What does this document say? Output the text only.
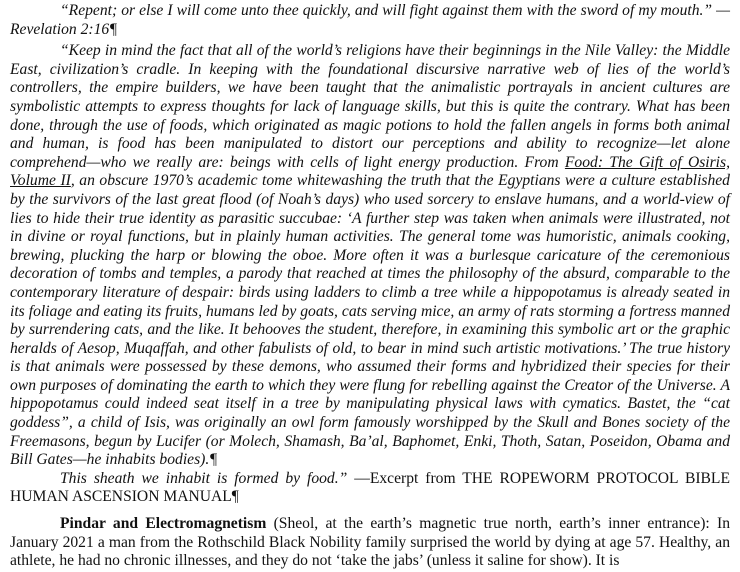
“Repent; or else I will come unto thee quickly, and will fight against them with the sword of my mouth.” —Revelation 2:16¶

“Keep in mind the fact that all of the world’s religions have their beginnings in the Nile Valley: the Middle East, civilization’s cradle. In keeping with the foundational discursive narrative web of lies of the world’s controllers, the empire builders, we have been taught that the animalistic portrayals in ancient cultures are symbolistic attempts to express thoughts for lack of language skills, but this is quite the contrary. What has been done, through the use of foods, which originated as magic potions to hold the fallen angels in forms both animal and human, is food has been manipulated to distort our perceptions and ability to recognize—let alone comprehend—who we really are: beings with cells of light energy production. From Food: The Gift of Osiris, Volume II, an obscure 1970’s academic tome whitewashing the truth that the Egyptians were a culture established by the survivors of the last great flood (of Noah’s days) who used sorcery to enslave humans, and a world-view of lies to hide their true identity as parasitic succubae: ‘A further step was taken when animals were illustrated, not in divine or royal functions, but in plainly human activities. The general tome was humoristic, animals cooking, brewing, plucking the harp or blowing the oboe. More often it was a burlesque caricature of the ceremonious decoration of tombs and temples, a parody that reached at times the philosophy of the absurd, comparable to the contemporary literature of despair: birds using ladders to climb a tree while a hippopotamus is already seated in its foliage and eating its fruits, humans led by goats, cats serving mice, an army of rats storming a fortress manned by surrendering cats, and the like. It behooves the student, therefore, in examining this symbolic art or the graphic heralds of Aesop, Muqaffah, and other fabulists of old, to bear in mind such artistic motivations.’ The true history is that animals were possessed by these demons, who assumed their forms and hybridized their species for their own purposes of dominating the earth to which they were flung for rebelling against the Creator of the Universe. A hippopotamus could indeed seat itself in a tree by manipulating physical laws with cymatics. Bastet, the “cat goddess”, a child of Isis, was originally an owl form famously worshipped by the Skull and Bones society of the Freemasons, begun by Lucifer (or Molech, Shamash, Ba’al, Baphomet, Enki, Thoth, Satan, Poseidon, Obama and Bill Gates—he inhabits bodies).¶

This sheath we inhabit is formed by food.” —Excerpt from THE ROPEWORM PROTOCOL BIBLE HUMAN ASCENSION MANUAL¶

Pindar and Electromagnetism (Sheol, at the earth’s magnetic true north, earth’s inner entrance): In January 2021 a man from the Rothschild Black Nobility family surprised the world by dying at age 57. Healthy, an athlete, he had no chronic illnesses, and they do not ‘take the jabs’ (unless it saline for show). It is
